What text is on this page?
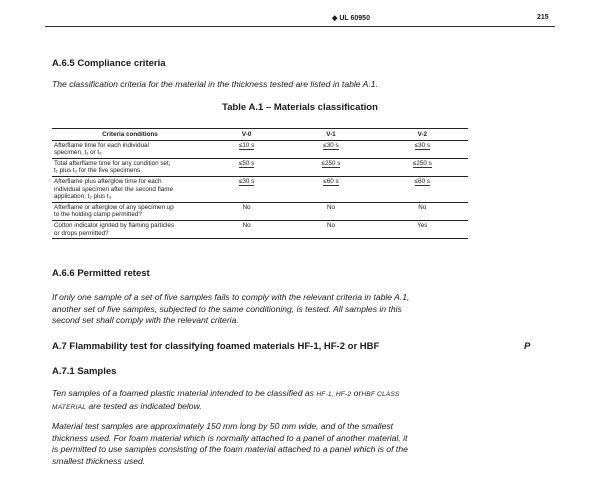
◆ UL 60950	215
A.6.5 Compliance criteria
The classification criteria for the material in the thickness tested are listed in table A.1.
Table A.1 – Materials classification
Criteria conditions	V-0	V-1	V-2

Afterflame time for each individual
specimen, t₁ or t₂	≤10 s	≤30 s	≤30 s

Total afterflame time for any condition set,
t₁ plus t₂ for the five specimens	≤50 s	≤250 s	≤250 s

Afterflame plus afterglow time for each
individual specimen after the second flame
application, t₂ plus t₃	≤30 s	≤60 s	≤60 s

Afterflame or afterglow of any specimen up
to the holding clamp permitted?	No	No	No

Cotton indicator ignited by flaming particles
or drops permitted?	No	No	Yes
A.6.6 Permitted retest
If only one sample of a set of five samples fails to comply with the relevant criteria in table A.1,
another set of five samples, subjected to the same conditioning, is tested. All samples in this
second set shall comply with the relevant criteria.
A.7 Flammability test for classifying foamed materials HF-1, HF-2 or HBF	P
A.7.1 Samples
Ten samples of a foamed plastic material intended to be classified as HF-1, HF-2 orHBF CLASS
MATERIAL are tested as indicated below.
Material test samples are approximately 150 mm long by 50 mm wide, and of the smallest
thickness used. For foam material which is normally attached to a panel of another material, it
is permitted to use samples consisting of the foam material attached to a panel which is of the
smallest thickness used.
